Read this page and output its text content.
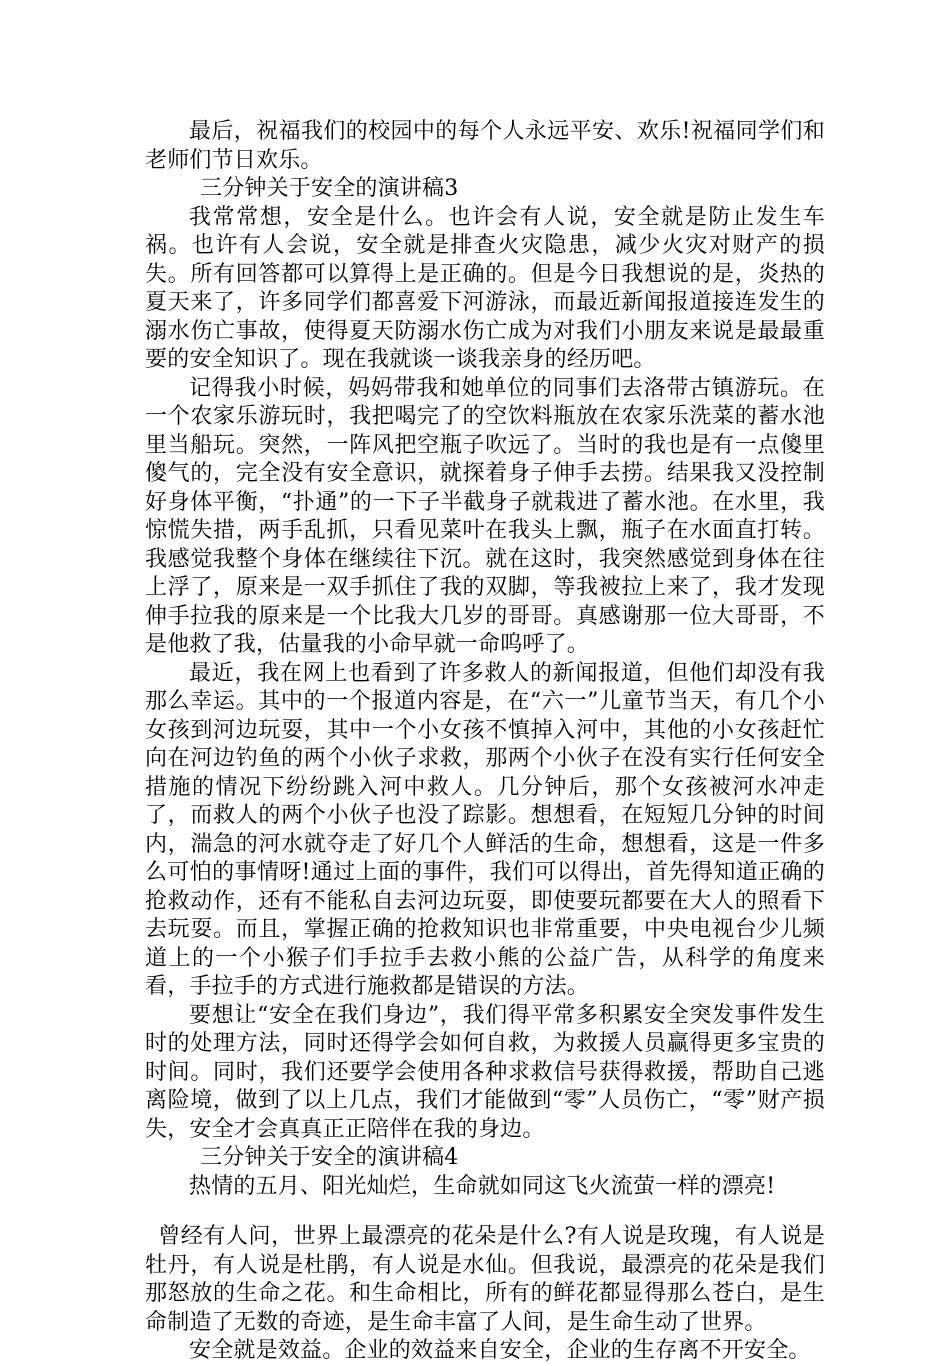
最后，祝福我们的校园中的每个人永远平安、欢乐!祝福同学们和老师们节日欢乐。

三分钟关于安全的演讲稿3

我常常想，安全是什么。也许会有人说，安全就是防止发生车祸。也许有人会说，安全就是排查火灾隐患，减少火灾对财产的损失。所有回答都可以算得上是正确的。但是今日我想说的是，炎热的夏天来了，许多同学们都喜爱下河游泳，而最近新闻报道接连发生的溺水伤亡事故，使得夏天防溺水伤亡成为对我们小朋友来说是最最重要的安全知识了。现在我就谈一谈我亲身的经历吧。

记得我小时候，妈妈带我和她单位的同事们去洛带古镇游玩。在一个农家乐游玩时，我把喝完了的空饮料瓶放在农家乐洗菜的蓄水池里当船玩。突然，一阵风把空瓶子吹远了。当时的我也是有一点傻里傻气的，完全没有安全意识，就探着身子伸手去捞。结果我又没控制好身体平衡，“扑通”的一下子半截身子就栽进了蓄水池。在水里，我惊慌失措，两手乱抓，只看见菜叶在我头上飘，瓶子在水面直打转。我感觉我整个身体在继续往下沉。就在这时，我突然感觉到身体在往上浮了，原来是一双手抓住了我的双脚，等我被拉上来了，我才发现伸手拉我的原来是一个比我大几岁的哥哥。真感谢那一位大哥哥，不是他救了我，估量我的小命早就一命呜呼了。

最近，我在网上也看到了许多救人的新闻报道，但他们却没有我那么幸运。其中的一个报道内容是，在“六一”儿童节当天，有几个小女孩到河边玩耍，其中一个小女孩不慎掉入河中，其他的小女孩赶忙向在河边钓鱼的两个小伙子求救，那两个小伙子在没有实行任何安全措施的情况下纷纷跳入河中救人。几分钟后，那个女孩被河水冲走了，而救人的两个小伙子也没了踪影。想想看，在短短几分钟的时间内，湍急的河水就夺走了好几个人鲜活的生命，想想看，这是一件多么可怕的事情呀!通过上面的事件，我们可以得出，首先得知道正确的抢救动作，还有不能私自去河边玩耍，即使要玩都要在大人的照看下去玩耍。而且，掌握正确的抢救知识也非常重要，中央电视台少儿频道上的一个小猴子们手拉手去救小熊的公益广告，从科学的角度来看，手拉手的方式进行施救都是错误的方法。

要想让“安全在我们身边”，我们得平常多积累安全突发事件发生时的处理方法，同时还得学会如何自救，为救援人员赢得更多宝贵的时间。同时，我们还要学会使用各种求救信号获得救援，帮助自己逃离险境，做到了以上几点，我们才能做到“零”人员伤亡，“零”财产损失，安全才会真真正正陪伴在我的身边。

三分钟关于安全的演讲稿4

热情的五月、阳光灿烂，生命就如同这飞火流萤一样的漂亮!

曾经有人问，世界上最漂亮的花朵是什么?有人说是玫瑰，有人说是牡丹，有人说是杜鹃，有人说是水仙。但我说，最漂亮的花朵是我们那怒放的生命之花。和生命相比，所有的鲜花都显得那么苍白，是生命制造了无数的奇迹，是生命丰富了人间，是生命生动了世界。

安全就是效益。企业的效益来自安全，企业的生存离不开安全。
